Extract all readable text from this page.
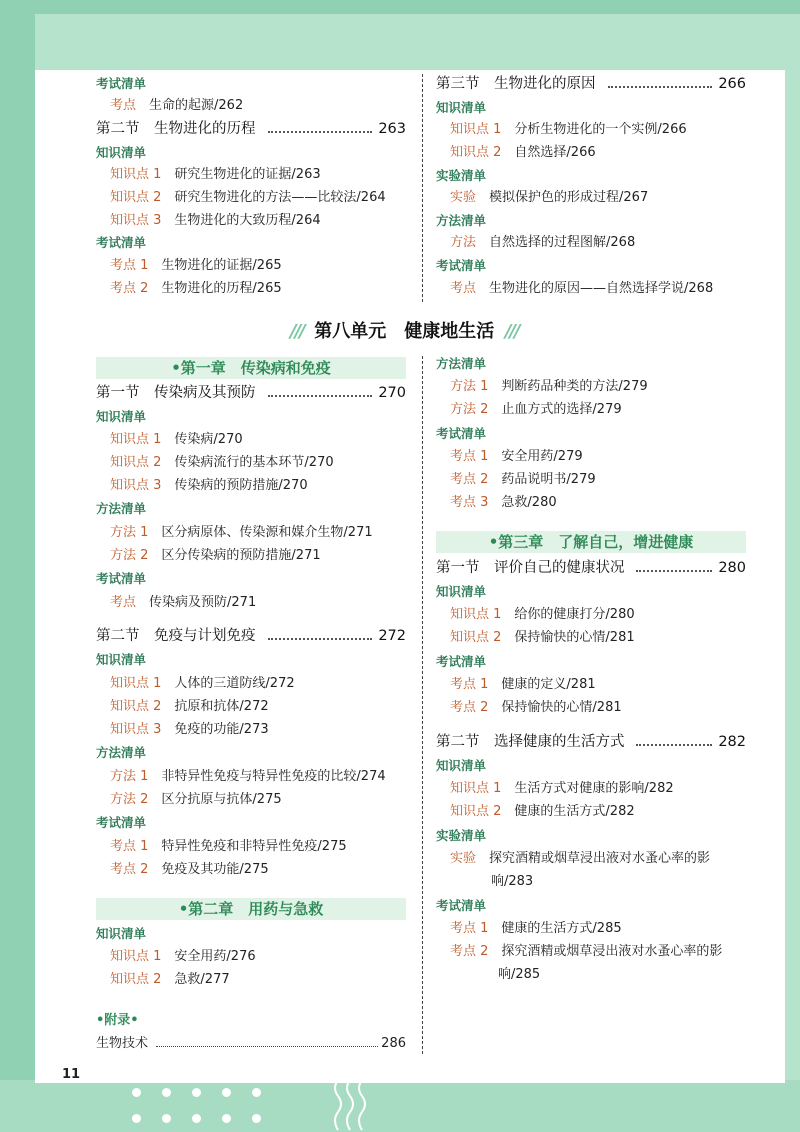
11
考试清单
考点　 生命的起源/262
第二节　生物进化的历程	263
知识清单
知识点 1　 研究生物进化的证据/263
知识点 2　 研究生物进化的方法——比较法/264
知识点 3　 生物进化的大致历程/264
考试清单
考点 1　 生物进化的证据/265
考点 2　 生物进化的历程/265
第三节　生物进化的原因	266
知识清单
知识点 1　 分析生物进化的一个实例/266
知识点 2　 自然选择/266
实验清单
实验　 模拟保护色的形成过程/267
方法清单
方法　 自然选择的过程图解/268
考试清单
考点　 生物进化的原因——自然选择学说/268
///  第八单元　健康地生活  ///
•第一章　传染病和免疫
第一节　传染病及其预防	270
知识清单
知识点 1　 传染病/270
知识点 2　 传染病流行的基本环节/270
知识点 3　 传染病的预防措施/270
方法清单
方法 1　 区分病原体、传染源和媒介生物/271
方法 2　 区分传染病的预防措施/271
考试清单
考点　 传染病及预防/271
第二节　免疫与计划免疫	272
知识清单
知识点 1　 人体的三道防线/272
知识点 2　 抗原和抗体/272
知识点 3　 免疫的功能/273
方法清单
方法 1　 非特异性免疫与特异性免疫的比较/274
方法 2　 区分抗原与抗体/275
考试清单
考点 1　 特异性免疫和非特异性免疫/275
考点 2　 免疫及其功能/275
•第二章　用药与急救
知识清单
知识点 1　 安全用药/276
知识点 2　 急救/277
•附录•
生物技术	286
方法清单
方法 1　 判断药品种类的方法/279
方法 2　 止血方式的选择/279
考试清单
考点 1　 安全用药/279
考点 2　 药品说明书/279
考点 3　 急救/280
•第三章　了解自己，增进健康
第一节　评价自己的健康状况	280
知识清单
知识点 1　 给你的健康打分/280
知识点 2　 保持愉快的心情/281
考试清单
考点 1　 健康的定义/281
考点 2　 保持愉快的心情/281
第二节　选择健康的生活方式	282
知识清单
知识点 1　 生活方式对健康的影响/282
知识点 2　 健康的生活方式/282
实验清单
实验　 探究酒精或烟草浸出液对水蚤心率的影
响/283
考试清单
考点 1　 健康的生活方式/285
考点 2　 探究酒精或烟草浸出液对水蚤心率的影
响/285
